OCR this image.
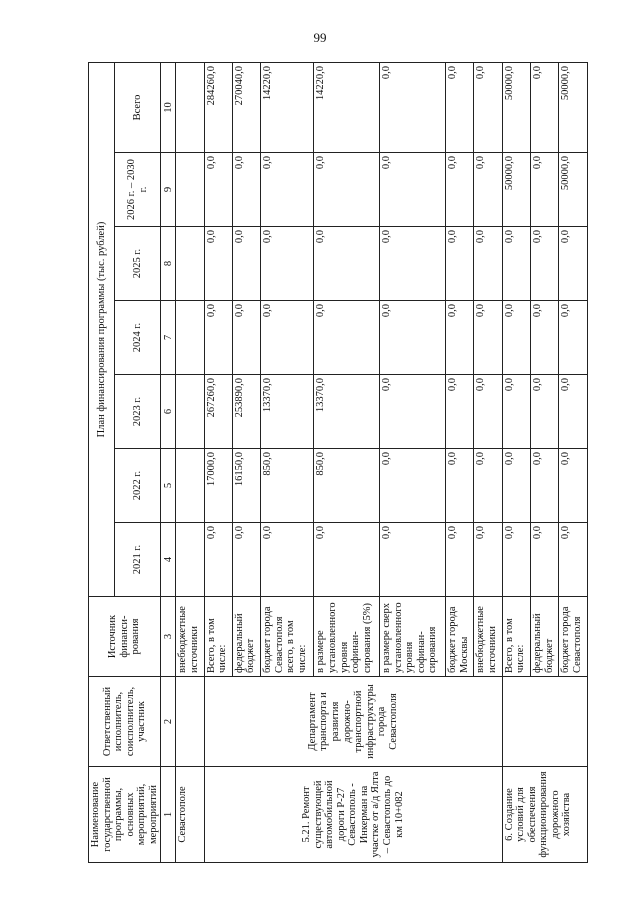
99
Наименование государственной программы, основных мероприятий, мероприятий	Ответственный исполнитель, соисполнитель, участник	Источник финанси-рования	План финансирования программы (тыс. рублей)						
			2021 г.	2022 г.	2023 г.	2024 г.	2025 г.	2026 г. – 2030 г.	Всего
1	2	3	4	5	6	7	8	9	10
Севастополе		внебюджетные источники							
5.21. Ремонт существующей автомобильной дороги Р-27 Севастополь - Инкерман на участке от а/д Ялта – Севастополь до км 10+082	Департамент транспорта и развития дорожно-транспортной инфраструктуры города Севастополя	Всего, в том числе:	0,0	17000,0	267260,0	0,0	0,0	0,0	284260,0
		федеральный бюджет	0,0	16150,0	253890,0	0,0	0,0	0,0	270040,0
		бюджет города Севастополя всего, в том числе:	0,0	850,0	13370,0	0,0	0,0	0,0	14220,0
		в размере установленного уровня софинан-сирования (5%)	0,0	850,0	13370,0	0,0	0,0	0,0	14220,0
		в размере сверх установленного уровня софинан-сирования	0,0	0,0	0,0	0,0	0,0	0,0	0,0
		бюджет города Москвы	0,0	0,0	0,0	0,0	0,0	0,0	0,0
		внебюджетные источники	0,0	0,0	0,0	0,0	0,0	0,0	0,0
6. Создание условий для обеспечения функционирования дорожного хозяйства		Всего, в том числе:	0,0	0,0	0,0	0,0	0,0	50000,0	50000,0
		федеральный бюджет	0,0	0,0	0,0	0,0	0,0	0,0	0,0
		бюджет города Севастополя	0,0	0,0	0,0	0,0	0,0	50000,0	50000,0
